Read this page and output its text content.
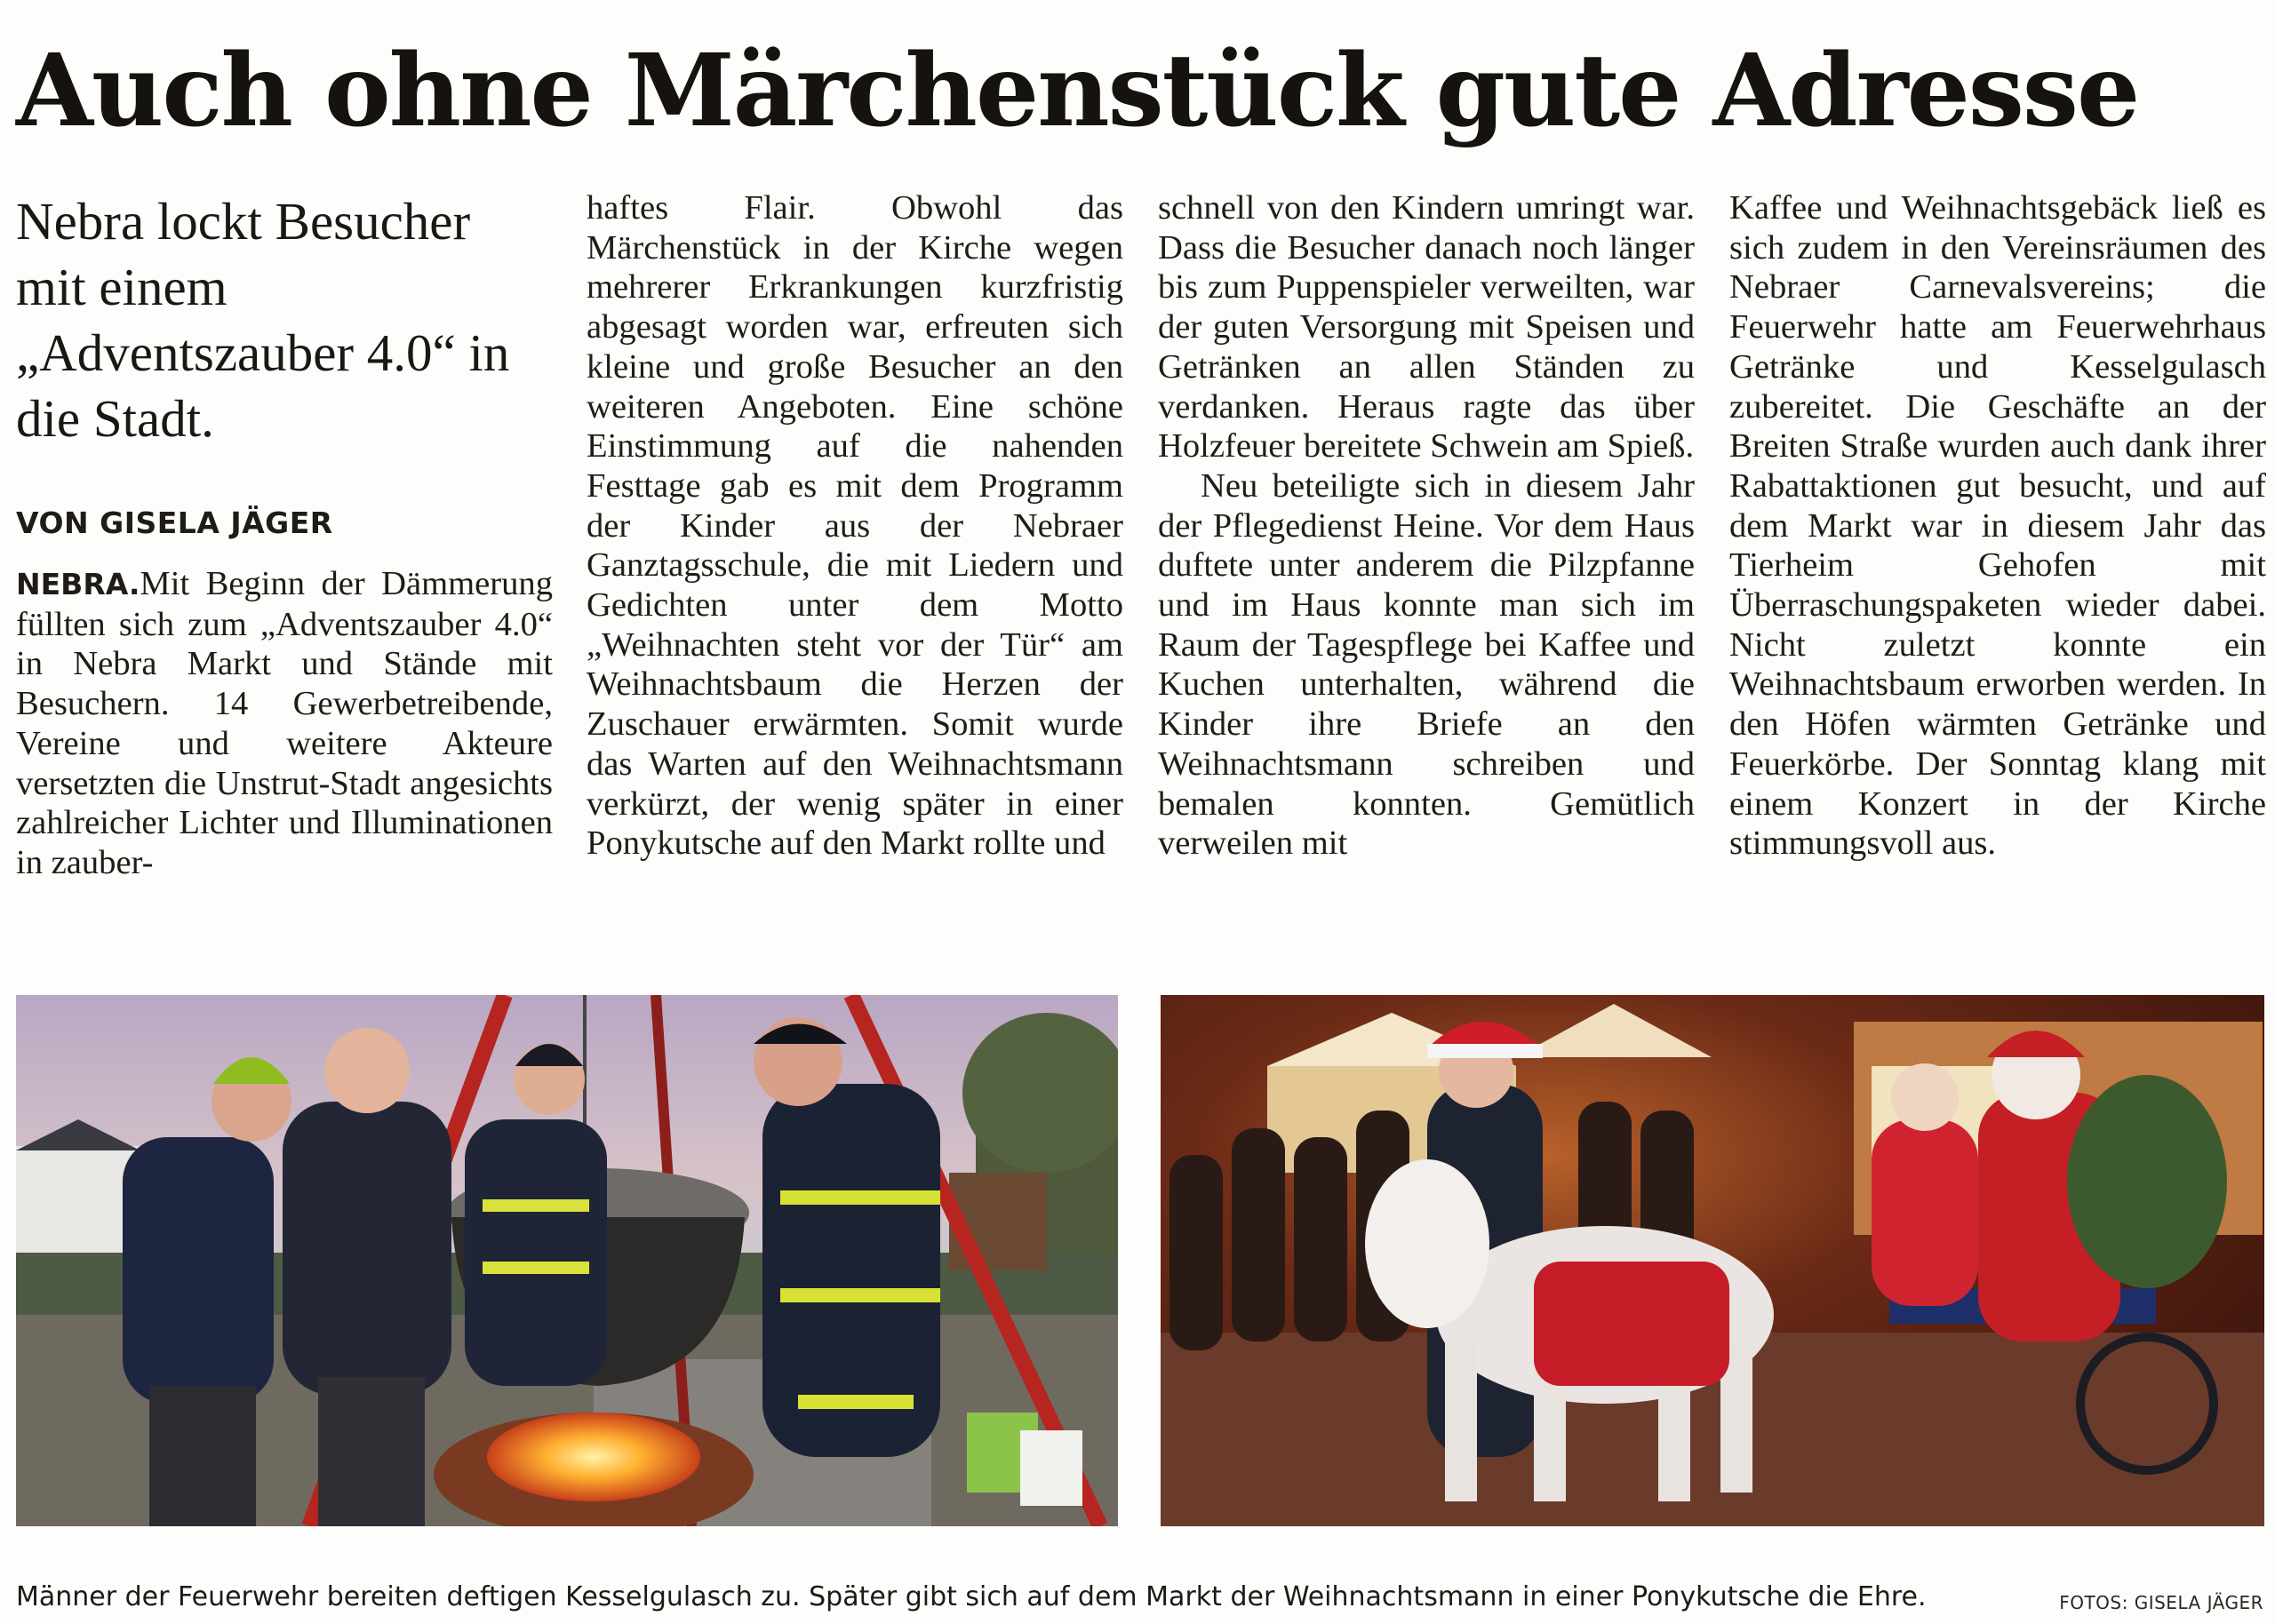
Auch ohne Märchenstück gute Adresse
Nebra lockt Besucher mit einem „Adventszauber 4.0“ in die Stadt.
VON GISELA JÄGER

NEBRA.Mit Beginn der Dämmerung füllten sich zum „Adventszauber 4.0“ in Nebra Markt und Stände mit Besuchern. 14 Gewerbetreibende, Vereine und weitere Akteure versetzten die Unstrut-Stadt angesichts zahlreicher Lichter und Illuminationen in zauber-

haftes Flair. Obwohl das Märchenstück in der Kirche wegen mehrerer Erkrankungen kurzfristig abgesagt worden war, erfreuten sich kleine und große Besucher an den weiteren Angeboten. Eine schöne Einstimmung auf die nahenden Festtage gab es mit dem Programm der Kinder aus der Nebraer Ganztagsschule, die mit Liedern und Gedichten unter dem Motto „Weihnachten steht vor der Tür“ am Weihnachtsbaum die Herzen der Zuschauer erwärmten. Somit wurde das Warten auf den Weihnachtsmann verkürzt, der wenig später in einer Ponykutsche auf den Markt rollte und

schnell von den Kindern umringt war. Dass die Besucher danach noch länger bis zum Puppenspieler verweilten, war der guten Versorgung mit Speisen und Getränken an allen Ständen zu verdanken. Heraus ragte das über Holzfeuer bereitete Schwein am Spieß.

Neu beteiligte sich in diesem Jahr der Pflegedienst Heine. Vor dem Haus duftete unter anderem die Pilzpfanne und im Haus konnte man sich im Raum der Tagespflege bei Kaffee und Kuchen unterhalten, während die Kinder ihre Briefe an den Weihnachtsmann schreiben und bemalen konnten. Gemütlich verweilen mit

Kaffee und Weihnachtsgebäck ließ es sich zudem in den Vereinsräumen des Nebraer Carnevalsvereins; die Feuerwehr hatte am Feuerwehrhaus Getränke und Kesselgulasch zubereitet. Die Geschäfte an der Breiten Straße wurden auch dank ihrer Rabattaktionen gut besucht, und auf dem Markt war in diesem Jahr das Tierheim Gehofen mit Überraschungspaketen wieder dabei. Nicht zuletzt konnte ein Weihnachtsbaum erworben werden. In den Höfen wärmten Getränke und Feuerkörbe. Der Sonntag klang mit einem Konzert in der Kirche stimmungsvoll aus.

Männer der Feuerwehr bereiten deftigen Kesselgulasch zu. Später gibt sich auf dem Markt der Weihnachtsmann in einer Ponykutsche die Ehre.	FOTOS: GISELA JÄGER
